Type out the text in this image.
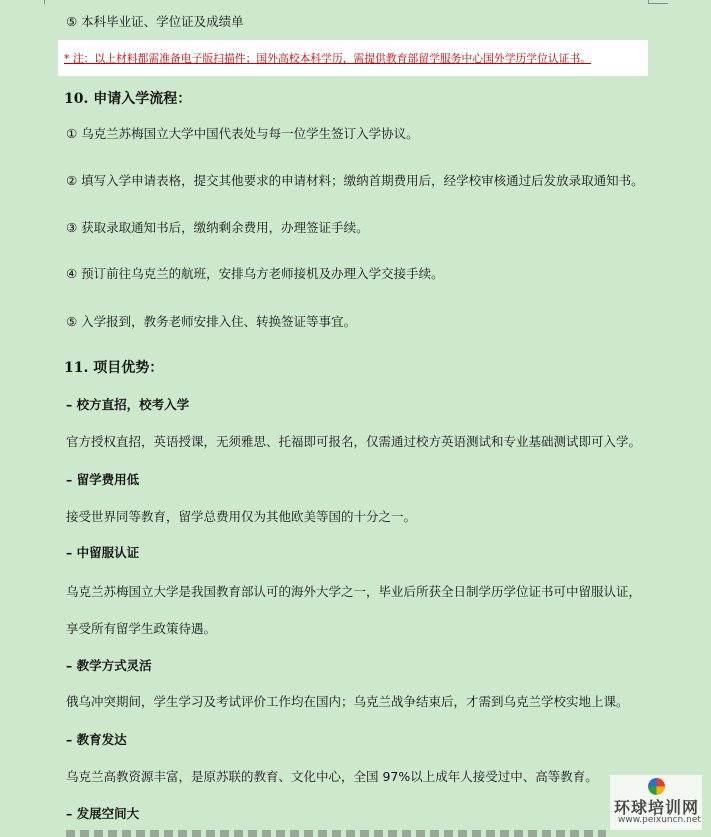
⑤ 本科毕业证、学位证及成绩单
* 注：以上材料都需准备电子版扫描件；国外高校本科学历，需提供教育部留学服务中心国外学历学位认证书。
10. 申请入学流程：
① 乌克兰苏梅国立大学中国代表处与每一位学生签订入学协议。
② 填写入学申请表格，提交其他要求的申请材料；缴纳首期费用后，经学校审核通过后发放录取通知书。
③ 获取录取通知书后，缴纳剩余费用，办理签证手续。
④ 预订前往乌克兰的航班，安排乌方老师接机及办理入学交接手续。
⑤ 入学报到，教务老师安排入住、转换签证等事宜。
11. 项目优势：
– 校方直招，校考入学
官方授权直招，英语授课，无须雅思、托福即可报名，仅需通过校方英语测试和专业基础测试即可入学。
– 留学费用低
接受世界同等教育，留学总费用仅为其他欧美等国的十分之一。
– 中留服认证
乌克兰苏梅国立大学是我国教育部认可的海外大学之一，毕业后所获全日制学历学位证书可中留服认证，
享受所有留学生政策待遇。
– 教学方式灵活
俄乌冲突期间，学生学习及考试评价工作均在国内；乌克兰战争结束后，才需到乌克兰学校实地上课。
– 教育发达
乌克兰高教资源丰富，是原苏联的教育、文化中心，全国 97%以上成年人接受过中、高等教育。
– 发展空间大	环球培训网
www.peixuncn.net
